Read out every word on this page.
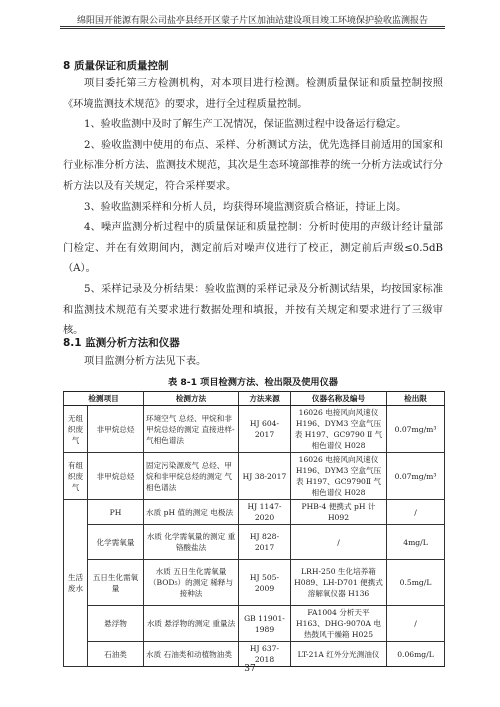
绵阳国开能源有限公司盐亭县经开区蒙子片区加油站建设项目竣工环境保护验收监测报告
8 质量保证和质量控制

项目委托第三方检测机构，对本项目进行检测。检测质量保证和质量控制按照《环境监测技术规范》的要求，进行全过程质量控制。

1、验收监测中及时了解生产工况情况，保证监测过程中设备运行稳定。

2、验收监测中使用的布点、采样、分析测试方法，优先选择目前适用的国家和行业标准分析方法、监测技术规范，其次是生态环境部推荐的统一分析方法或试行分析方法以及有关规定，符合采样要求。

3、验收监测采样和分析人员，均获得环境监测资质合格证，持证上岗。

4、噪声监测分析过程中的质量保证和质量控制：分析时使用的声级计经计量部门检定、并在有效期间内，测定前后对噪声仪进行了校正，测定前后声级≤0.5dB（A）。

5、采样记录及分析结果：验收监测的采样记录及分析测试结果，均按国家标准和监测技术规范有关要求进行数据处理和填报，并按有关规定和要求进行了三级审核。

8.1 监测分析方法和仪器
项目监测分析方法见下表。
表 8-1 项目检测方法、检出限及使用仪器
检测项目		检测方法	方法来源	仪器名称及编号	检出限
无组织废气	非甲烷总烃	环境空气 总烃、甲烷和非甲烷总烃的测定 直接进样-气相色谱法	HJ 604-2017	16026 电接风向风速仪 H196、DYM3 空盒气压表 H197、GC9790 Ⅱ 气相色谱仪 H028	0.07mg/m³
有组织废气	非甲烷总烃	固定污染源废气 总烃、甲烷和非甲烷总烃的测定 气相色谱法	HJ 38-2017	16026 电接风向风速仪 H196、DYM3 空盒气压表 H197、GC9790Ⅱ 气相色谱仪 H028	0.07mg/m³
生活废水	PH	水质 pH 值的测定 电极法	HJ 1147-2020	PHB-4 便携式 pH 计 H092	/
	化学需氧量	水质 化学需氧量的测定 重铬酸盐法	HJ 828-2017	/	4mg/L
	五日生化需氧量	水质 五日生化需氧量（BOD₅）的测定 稀释与接种法	HJ 505-2009	LRH-250 生化培养箱 H089、LH-D701 便携式溶解氧仪器 H136	0.5mg/L
	悬浮物	水质 悬浮物的测定 重量法	GB 11901-1989	FA1004 分析天平 H163、DHG-9070A 电热鼓风干燥箱 H025	/
	石油类	水质 石油类和动植物油类	HJ 637-2018	LT-21A 红外分光测油仪	0.06mg/L
37
